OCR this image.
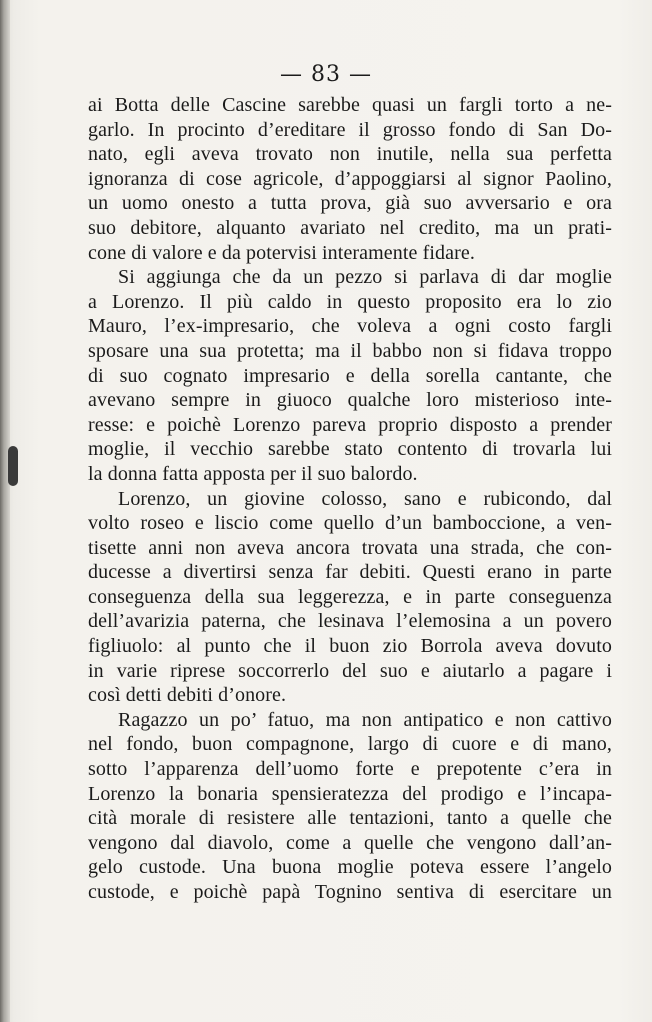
— 83 —
ai Botta delle Cascine sarebbe quasi un fargli torto a ne-
garlo. In procinto d’ereditare il grosso fondo di San Do-
nato, egli aveva trovato non inutile, nella sua perfetta
ignoranza di cose agricole, d’appoggiarsi al signor Paolino,
un uomo onesto a tutta prova, già suo avversario e ora
suo debitore, alquanto avariato nel credito, ma un prati-
cone di valore e da potervisi interamente fidare.
Si aggiunga che da un pezzo si parlava di dar moglie
a Lorenzo. Il più caldo in questo proposito era lo zio
Mauro, l’ex-impresario, che voleva a ogni costo fargli
sposare una sua protetta; ma il babbo non si fidava troppo
di suo cognato impresario e della sorella cantante, che
avevano sempre in giuoco qualche loro misterioso inte-
resse: e poichè Lorenzo pareva proprio disposto a prender
moglie, il vecchio sarebbe stato contento di trovarla lui
la donna fatta apposta per il suo balordo.
Lorenzo, un giovine colosso, sano e rubicondo, dal
volto roseo e liscio come quello d’un bamboccione, a ven-
tisette anni non aveva ancora trovata una strada, che con-
ducesse a divertirsi senza far debiti. Questi erano in parte
conseguenza della sua leggerezza, e in parte conseguenza
dell’avarizia paterna, che lesinava l’elemosina a un povero
figliuolo: al punto che il buon zio Borrola aveva dovuto
in varie riprese soccorrerlo del suo e aiutarlo a pagare i
così detti debiti d’onore.
Ragazzo un po’ fatuo, ma non antipatico e non cattivo
nel fondo, buon compagnone, largo di cuore e di mano,
sotto l’apparenza dell’uomo forte e prepotente c’era in
Lorenzo la bonaria spensieratezza del prodigo e l’incapa-
cità morale di resistere alle tentazioni, tanto a quelle che
vengono dal diavolo, come a quelle che vengono dall’an-
gelo custode. Una buona moglie poteva essere l’angelo
custode, e poichè papà Tognino sentiva di esercitare un
